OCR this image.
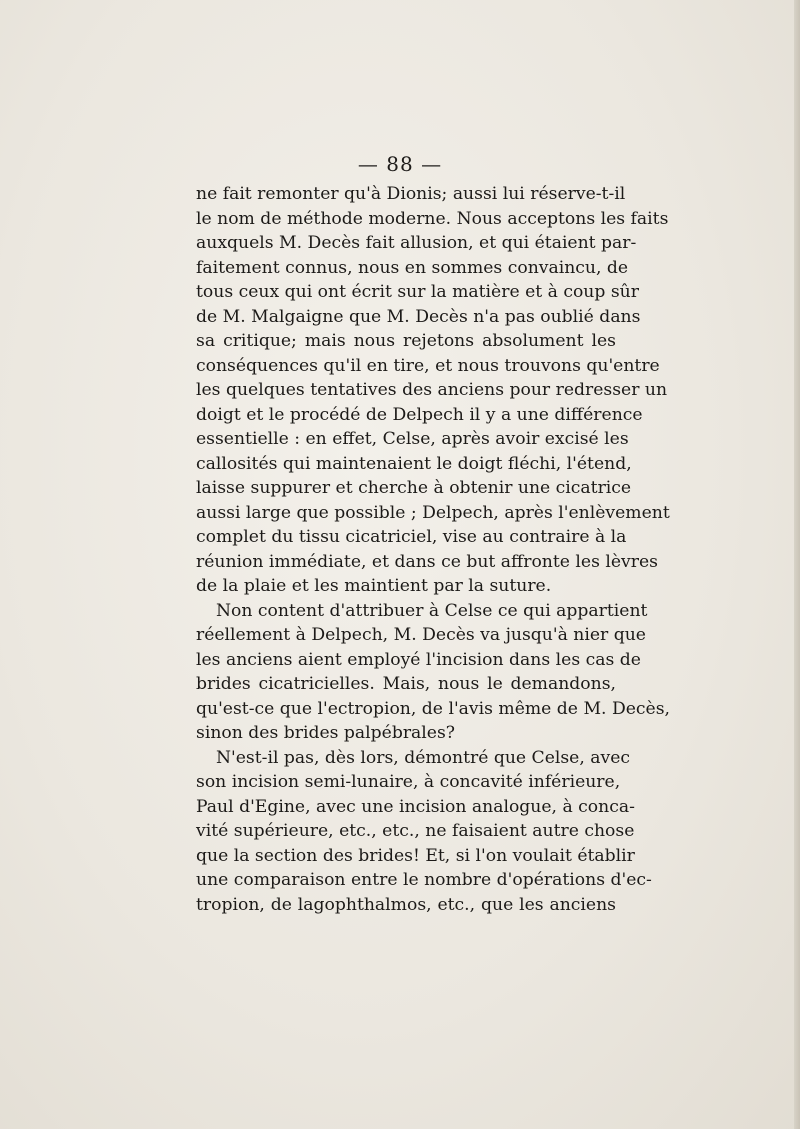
— 88 —
ne fait remonter qu'à Dionis; aussi lui réserve-t-il
le nom de méthode moderne. Nous acceptons les faits
auxquels M. Decès fait allusion, et qui étaient par-
faitement connus, nous en sommes convaincu, de
tous ceux qui ont écrit sur la matière et à coup sûr
de M. Malgaigne que M. Decès n'a pas oublié dans
sa critique; mais nous rejetons absolument les
conséquences qu'il en tire, et nous trouvons qu'entre
les quelques tentatives des anciens pour redresser un
doigt et le procédé de Delpech il y a une différence
essentielle : en effet, Celse, après avoir excisé les
callosités qui maintenaient le doigt fléchi, l'étend,
laisse suppurer et cherche à obtenir une cicatrice
aussi large que possible ; Delpech, après l'enlèvement
complet du tissu cicatriciel, vise au contraire à la
réunion immédiate, et dans ce but affronte les lèvres
de la plaie et les maintient par la suture.
Non content d'attribuer à Celse ce qui appartient
réellement à Delpech, M. Decès va jusqu'à nier que
les anciens aient employé l'incision dans les cas de
brides cicatricielles. Mais, nous le demandons,
qu'est-ce que l'ectropion, de l'avis même de M. Decès,
sinon des brides palpébrales?
N'est-il pas, dès lors, démontré que Celse, avec
son incision semi-lunaire, à concavité inférieure,
Paul d'Egine, avec une incision analogue, à conca-
vité supérieure, etc., etc., ne faisaient autre chose
que la section des brides! Et, si l'on voulait établir
une comparaison entre le nombre d'opérations d'ec-
tropion, de lagophthalmos, etc., que les anciens
